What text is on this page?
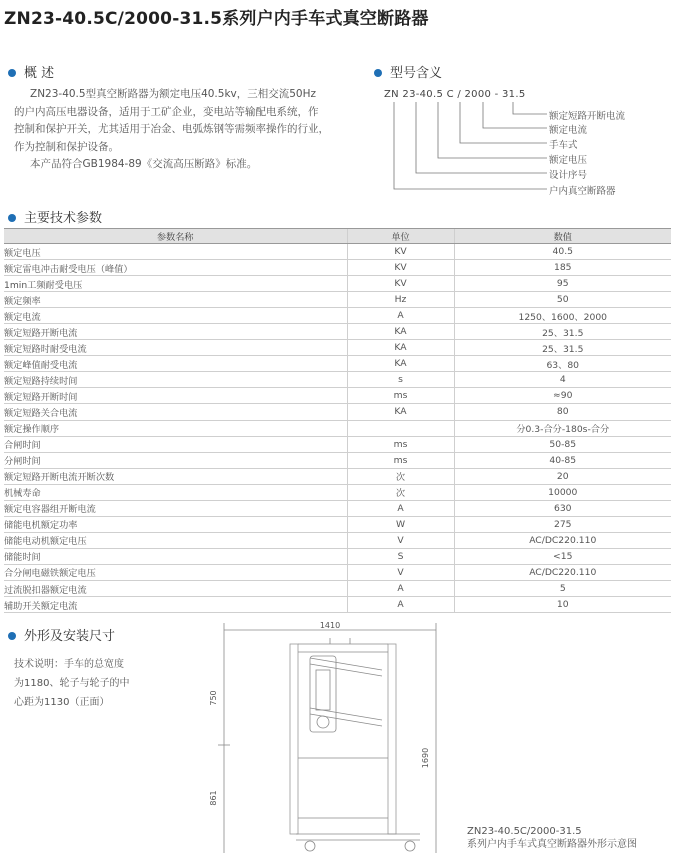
ZN23-40.5C/2000-31.5系列户内手车式真空断路器
概 述
ZN23-40.5型真空断路器为额定电压40.5kv，三相交流50Hz
的户内高压电器设备，适用于工矿企业，变电站等输配电系统，作
控制和保护开关，尤其适用于冶金、电弧炼钢等需频率操作的行业，
作为控制和保护设备。
本产品符合GB1984-89《交流高压断路》标准。
型号含义
ZN 23-40.5 C / 2000 - 31.5
额定短路开断电流
额定电流
手车式
额定电压
设计序号
户内真空断路器
主要技术参数
参数名称	单位	数值
额定电压	KV	40.5
额定雷电冲击耐受电压（峰值）	KV	185
1min工频耐受电压	KV	95
额定频率	Hz	50
额定电流	A	1250、1600、2000
额定短路开断电流	KA	25、31.5
额定短路时耐受电流	KA	25、31.5
额定峰值耐受电流	KA	63、80
额定短路持续时间	s	4
额定短路开断时间	ms	≈90
额定短路关合电流	KA	80
额定操作顺序		分0.3-合分-180s-合分
合闸时间	ms	50-85
分闸时间	ms	40-85
额定短路开断电流开断次数	次	20
机械寿命	次	10000
额定电容器组开断电流	A	630
储能电机额定功率	W	275
储能电动机额定电压	V	AC/DC220.110
储能时间	S	<15
合分闸电磁铁额定电压	V	AC/DC220.110
过流脱扣器额定电流	A	5
辅助开关额定电流	A	10
外形及安装尺寸
技术说明：手车的总宽度
为1180、轮子与轮子的中
心距为1130（正面）
1410
750
861
1690
ZN23-40.5C/2000-31.5
系列户内手车式真空断路器外形示意图
